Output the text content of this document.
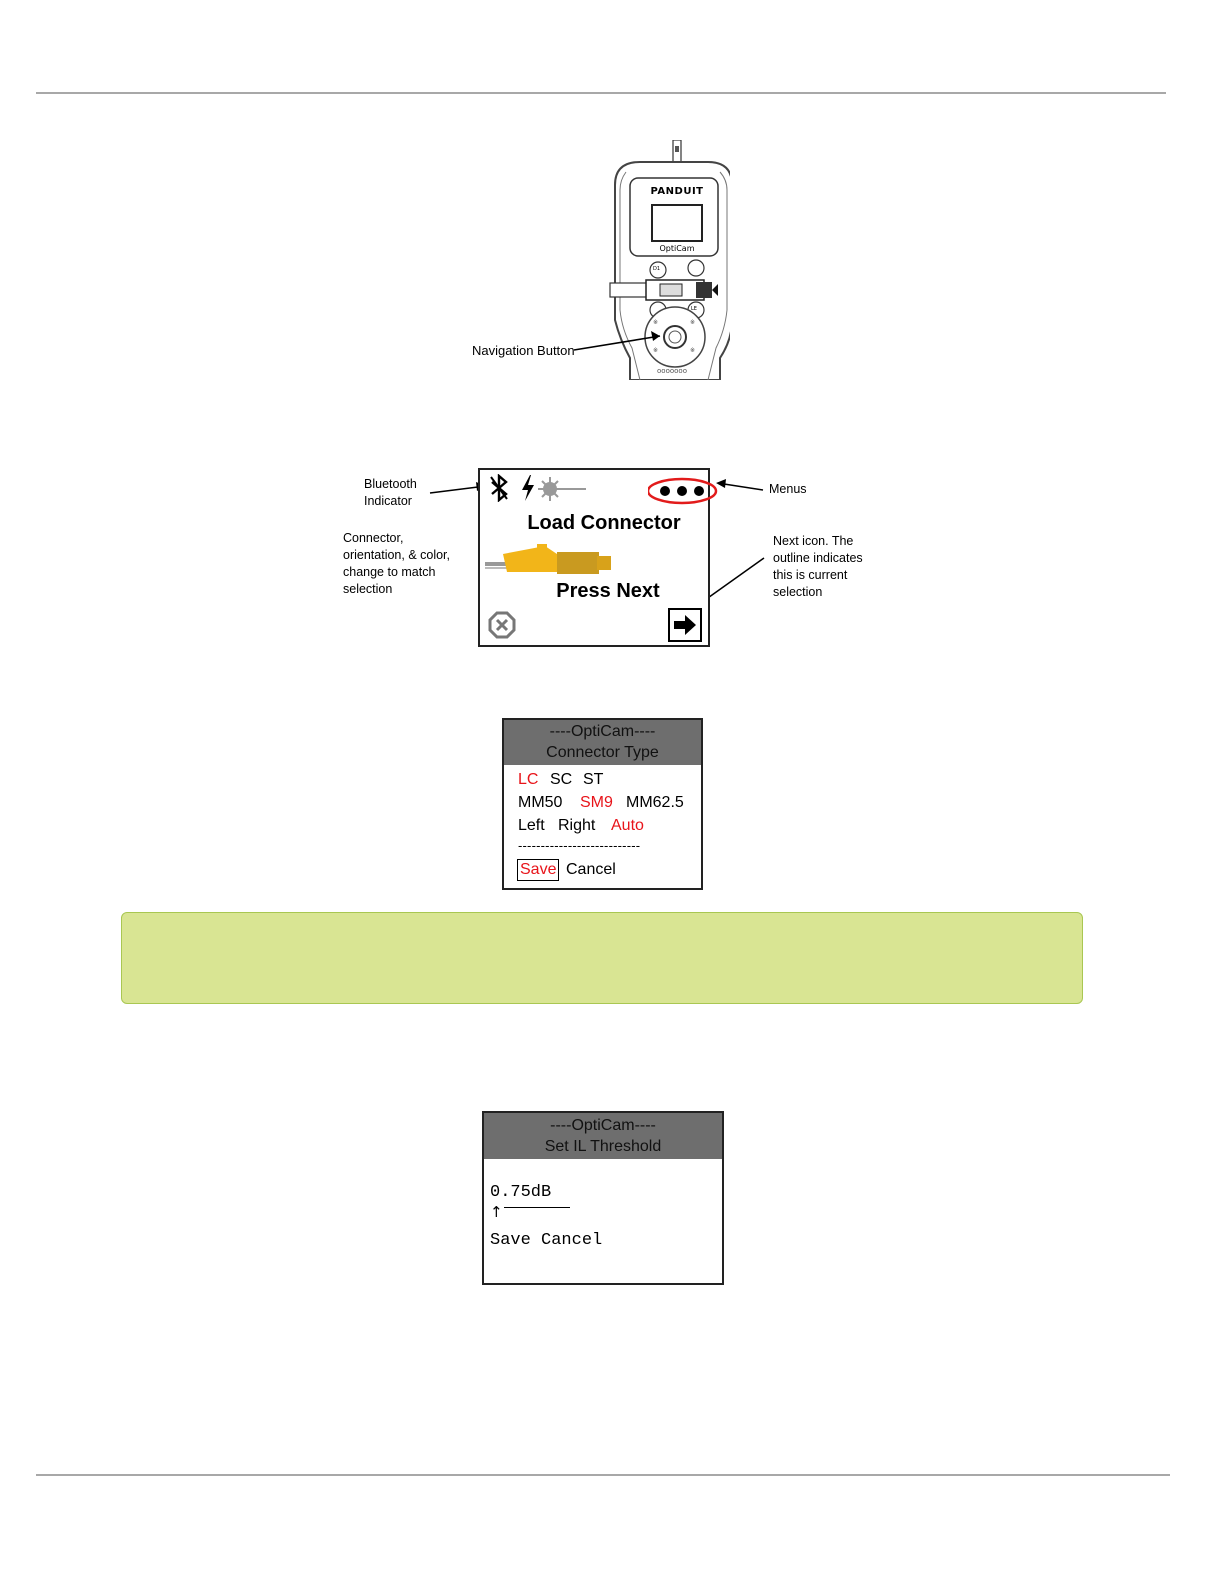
※	※
※	※
ooooooo
PANDUIT
OptiCam
D1
LE
Navigation Button
Bluetooth
Indicator
Connector,
orientation, & color,
change to match
selection
Menus
Next icon. The
outline indicates
this is current
selection
Load Connector
Press Next
----OptiCam----
Connector Type
LC SC ST
MM50 SM9 MM62.5
Left Right Auto
---------------------------
Save Cancel
----OptiCam----
Set IL Threshold
0.75dB
↑
Save Cancel
